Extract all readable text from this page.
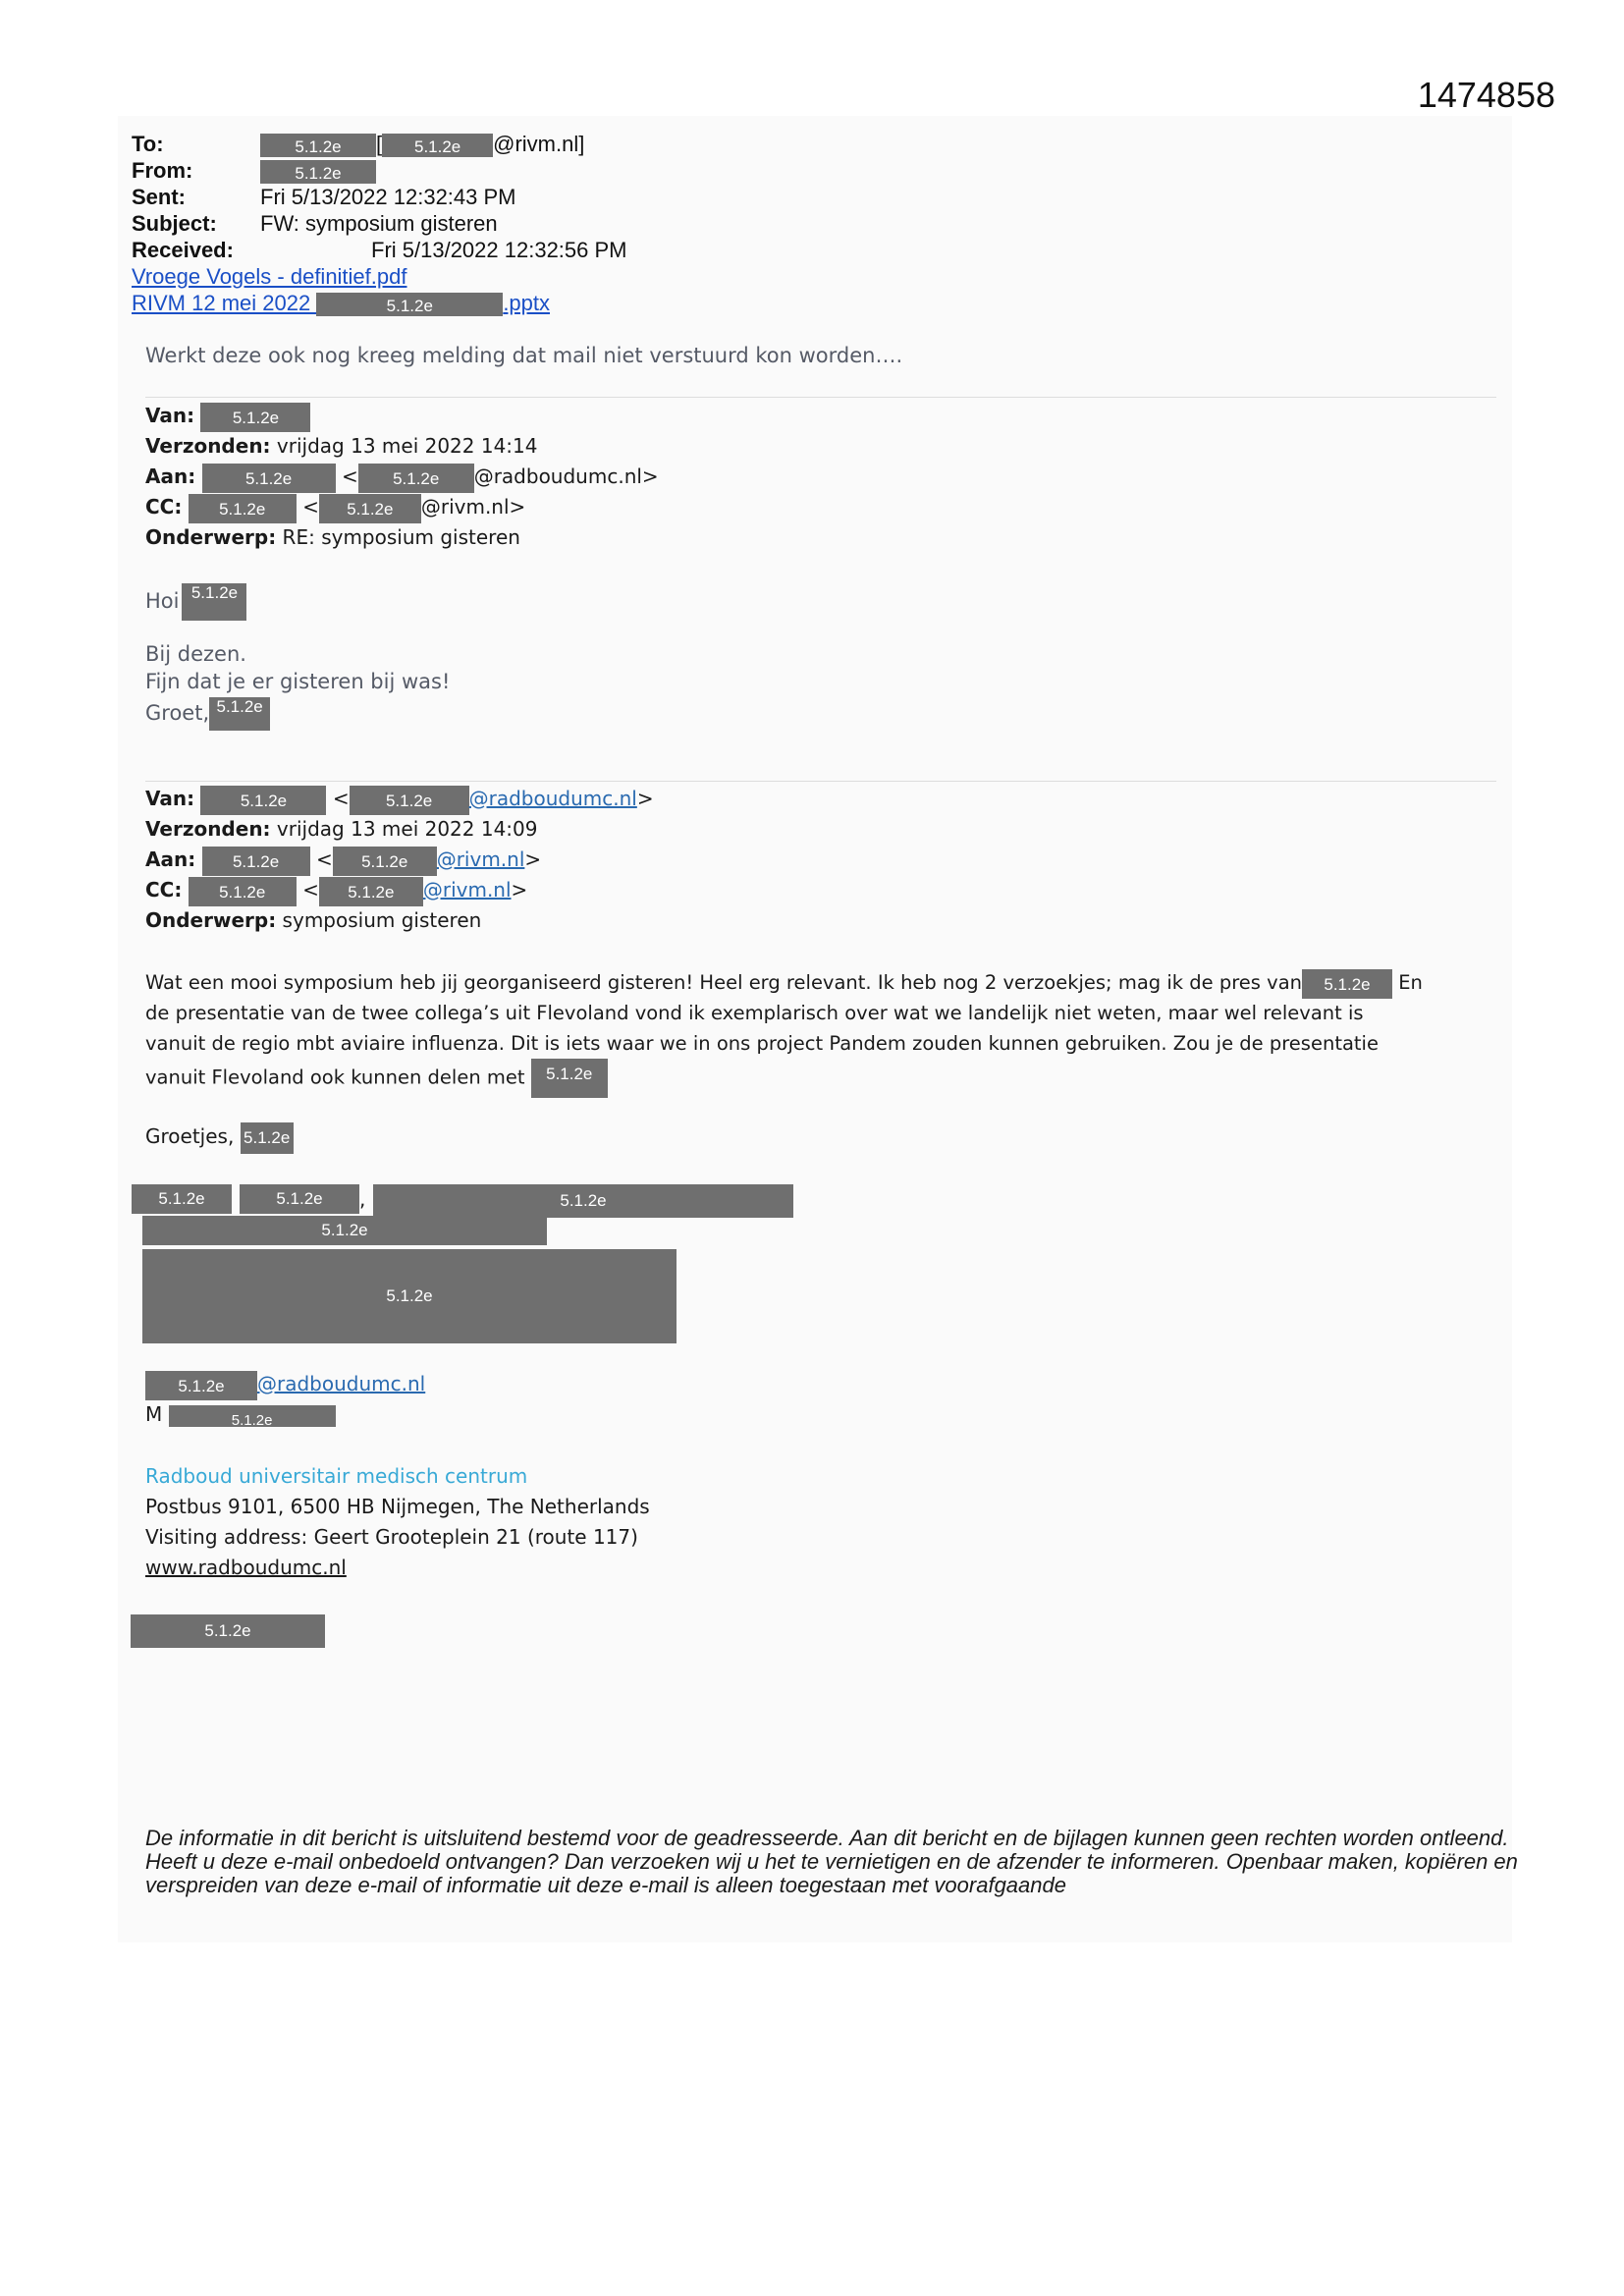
1474858
To:	5.1.2e [ 5.1.2e @rivm.nl]
From:	5.1.2e
Sent:	Fri 5/13/2022 12:32:43 PM
Subject: FW: symposium gisteren
Received:	Fri 5/13/2022 12:32:56 PM
Vroege Vogels - definitief.pdf
RIVM 12 mei 2022	5.1.2e	.pptx
Werkt deze ook nog kreeg melding dat mail niet verstuurd kon worden….
Van: 5.1.2e
Verzonden: vrijdag 13 mei 2022 14:14
Aan:	5.1.2e	< 5.1.2e @radboudumc.nl>
CC: 5.1.2e < 5.1.2e @rivm.nl>
Onderwerp: RE: symposium gisteren
Hoi 5.1.2e
Bij dezen.
Fijn dat je er gisteren bij was!
Groet, 5.1.2e
Van:	5.1.2e < 5.1.2e @radboudumc.nl>
Verzonden: vrijdag 13 mei 2022 14:09
Aan: 5.1.2e < 5.1.2e @rivm.nl>
CC: 5.1.2e < 5.1.2e @rivm.nl>
Onderwerp: symposium gisteren
Wat een mooi symposium heb jij georganiseerd gisteren! Heel erg relevant. Ik heb nog 2 verzoekjes; mag ik de pres van 5.1.2e En
de presentatie van de twee collega’s uit Flevoland vond ik exemplarisch over wat we landelijk niet weten, maar wel relevant is
vanuit de regio mbt aviaire influenza. Dit is iets waar we in ons project Pandem zouden kunnen gebruiken. Zou je de presentatie
vanuit Flevoland ook kunnen delen met 5.1.2e
Groetjes, 5.1.2e
5.1.2e	5.1.2e	,	5.1.2e
5.1.2e
5.1.2e
5.1.2e @radboudumc.nl
M	5.1.2e
Radboud universitair medisch centrum
Postbus 9101, 6500 HB Nijmegen, The Netherlands
Visiting address: Geert Grooteplein 21 (route 117)
www.radboudumc.nl
5.1.2e
De informatie in dit bericht is uitsluitend bestemd voor de geadresseerde. Aan dit bericht en de bijlagen kunnen geen rechten worden ontleend. Heeft u deze e-mail onbedoeld ontvangen? Dan verzoeken wij u het te vernietigen en de afzender te informeren. Openbaar maken, kopiëren en verspreiden van deze e-mail of informatie uit deze e-mail is alleen toegestaan met voorafgaande
